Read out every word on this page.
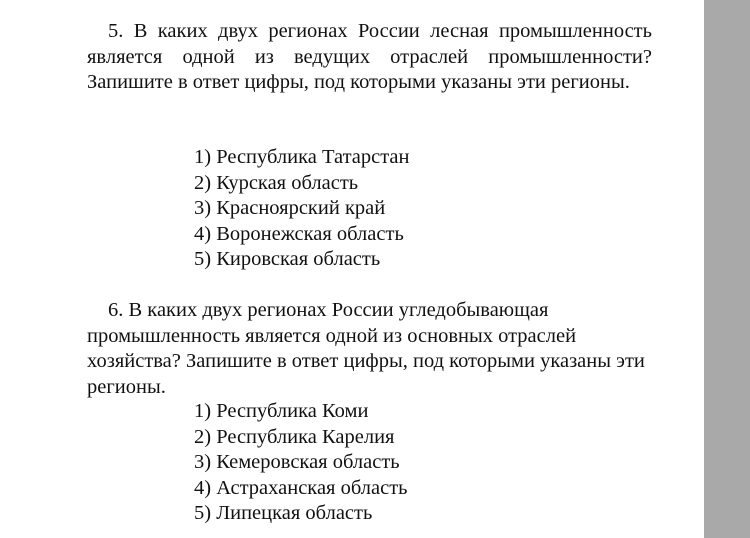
5. В каких двух регионах России лесная промышленность является одной из ведущих отраслей промышленности? Запишите в ответ цифры, под которыми указаны эти регионы.

1) Республика Татарстан
2) Курская область
3) Красноярский край
4) Воронежская область
5) Кировская область

6. В каких двух регионах России угледобывающая промышленность является одной из основных отраслей хозяйства? Запишите в ответ цифры, под которыми указаны эти регионы.

1) Республика Коми
2) Республика Карелия
3) Кемеровская область
4) Астраханская область
5) Липецкая область
